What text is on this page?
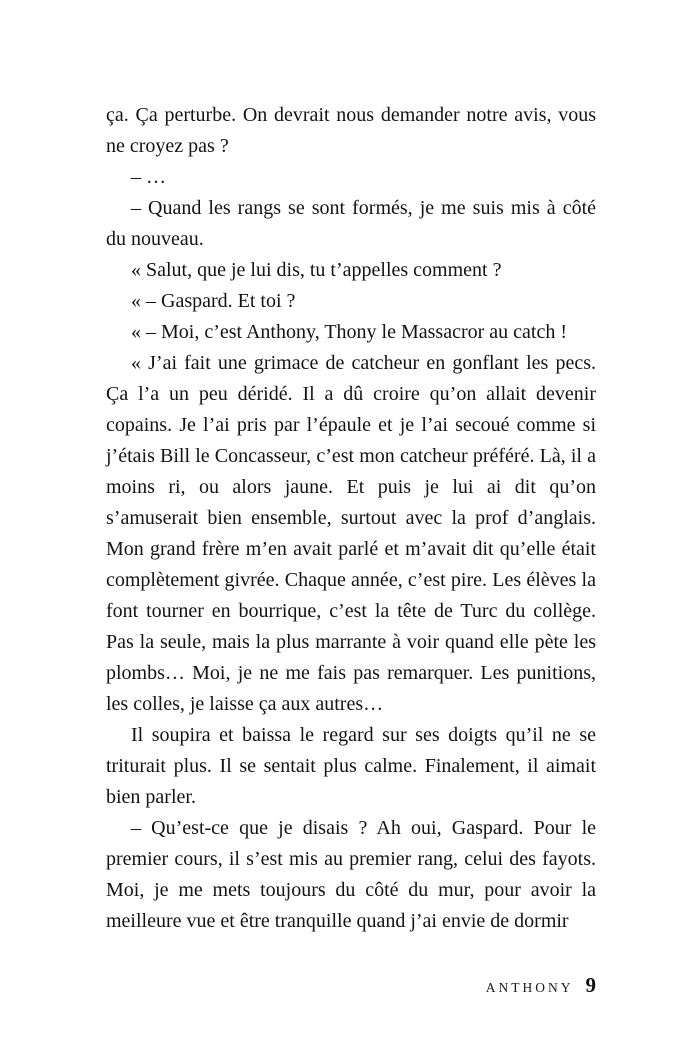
ça. Ça perturbe. On devrait nous demander notre avis, vous ne croyez pas ?

– …

– Quand les rangs se sont formés, je me suis mis à côté du nouveau.

« Salut, que je lui dis, tu t’appelles comment ?

« – Gaspard. Et toi ?

« – Moi, c’est Anthony, Thony le Massacror au catch !

« J’ai fait une grimace de catcheur en gonflant les pecs. Ça l’a un peu déridé. Il a dû croire qu’on allait devenir copains. Je l’ai pris par l’épaule et je l’ai secoué comme si j’étais Bill le Concasseur, c’est mon catcheur préféré. Là, il a moins ri, ou alors jaune. Et puis je lui ai dit qu’on s’amuserait bien ensemble, surtout avec la prof d’anglais. Mon grand frère m’en avait parlé et m’avait dit qu’elle était complètement givrée. Chaque année, c’est pire. Les élèves la font tourner en bourrique, c’est la tête de Turc du collège. Pas la seule, mais la plus marrante à voir quand elle pète les plombs… Moi, je ne me fais pas remarquer. Les punitions, les colles, je laisse ça aux autres…

Il soupira et baissa le regard sur ses doigts qu’il ne se triturait plus. Il se sentait plus calme. Finalement, il aimait bien parler.

– Qu’est-ce que je disais ? Ah oui, Gaspard. Pour le premier cours, il s’est mis au premier rang, celui des fayots. Moi, je me mets toujours du côté du mur, pour avoir la meilleure vue et être tranquille quand j’ai envie de dormir

ANTHONY 9
